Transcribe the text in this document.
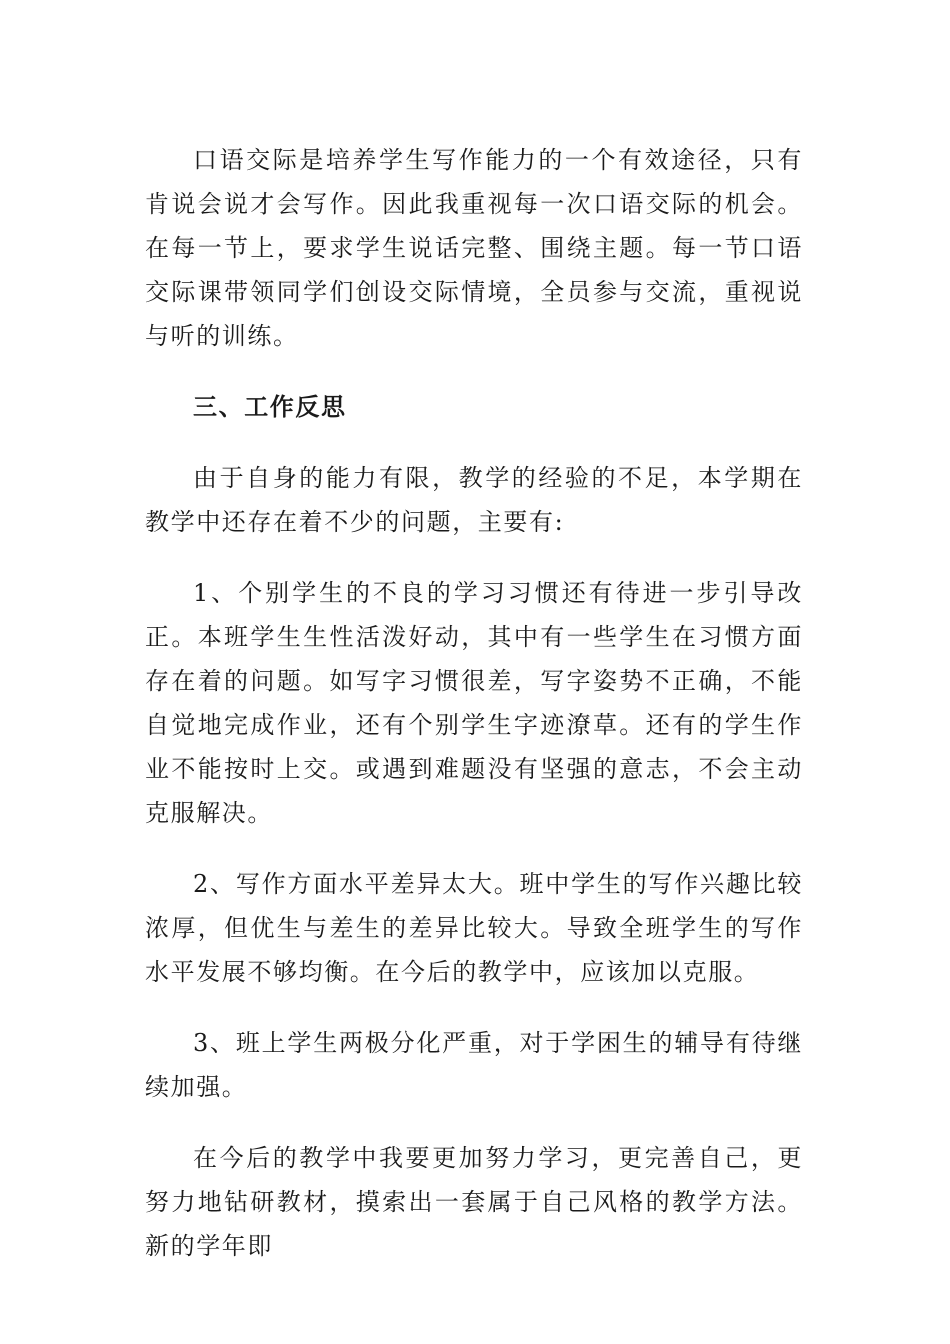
口语交际是培养学生写作能力的一个有效途径，只有肯说会说才会写作。因此我重视每一次口语交际的机会。在每一节上，要求学生说话完整、围绕主题。每一节口语交际课带领同学们创设交际情境，全员参与交流，重视说与听的训练。

三、工作反思

由于自身的能力有限，教学的经验的不足，本学期在教学中还存在着不少的问题，主要有:

1、个别学生的不良的学习习惯还有待进一步引导改正。本班学生生性活泼好动，其中有一些学生在习惯方面存在着的问题。如写字习惯很差，写字姿势不正确，不能自觉地完成作业，还有个别学生字迹潦草。还有的学生作业不能按时上交。或遇到难题没有坚强的意志，不会主动克服解决。

2、写作方面水平差异太大。班中学生的写作兴趣比较浓厚，但优生与差生的差异比较大。导致全班学生的写作水平发展不够均衡。在今后的教学中，应该加以克服。

3、班上学生两极分化严重，对于学困生的辅导有待继续加强。

在今后的教学中我要更加努力学习，更完善自己，更努力地钻研教材，摸索出一套属于自己风格的教学方法。新的学年即
